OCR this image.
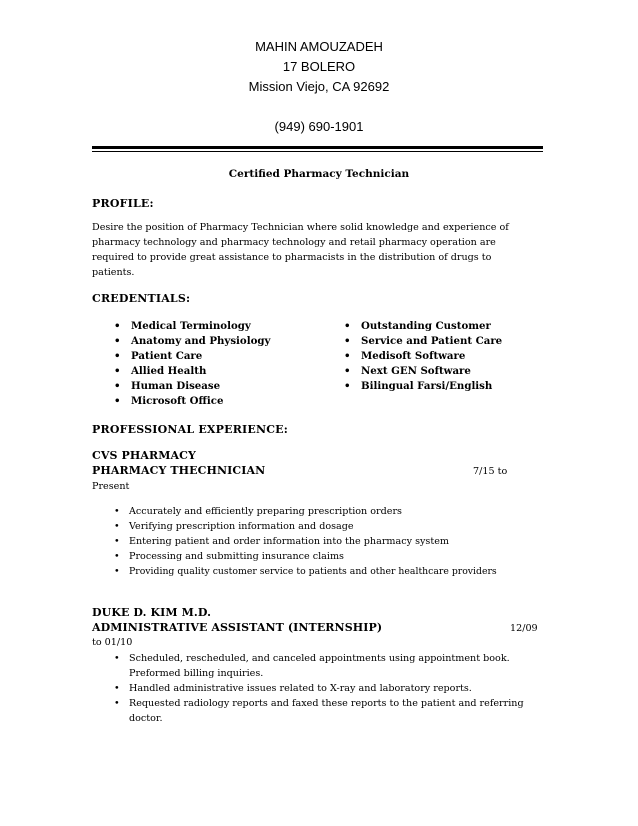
MAHIN AMOUZADEH
17 BOLERO
Mission Viejo, CA 92692
(949) 690-1901
Certified Pharmacy Technician
PROFILE:
Desire the position of Pharmacy Technician where solid knowledge and experience of
pharmacy technology and pharmacy technology and retail pharmacy operation are
required to provide great assistance to pharmacists in the distribution of drugs to
patients.
CREDENTIALS:
• Medical Terminology
• Anatomy and Physiology
• Patient Care
• Allied Health
• Human Disease
• Microsoft Office
• Outstanding Customer
• Service and Patient Care
• Medisoft Software
• Next GEN Software
• Bilingual Farsi/English
PROFESSIONAL EXPERIENCE:
CVS PHARMACY
PHARMACY THECHNICIAN	7/15 to
Present
• Accurately and efficiently preparing prescription orders
• Verifying prescription information and dosage
• Entering patient and order information into the pharmacy system
• Processing and submitting insurance claims
• Providing quality customer service to patients and other healthcare providers
DUKE D. KIM M.D.
ADMINISTRATIVE ASSISTANT (INTERNSHIP)	12/09
to 01/10
• Scheduled, rescheduled, and canceled appointments using appointment book. Preformed billing inquiries.
• Handled administrative issues related to X-ray and laboratory reports.
• Requested radiology reports and faxed these reports to the patient and referring doctor.
